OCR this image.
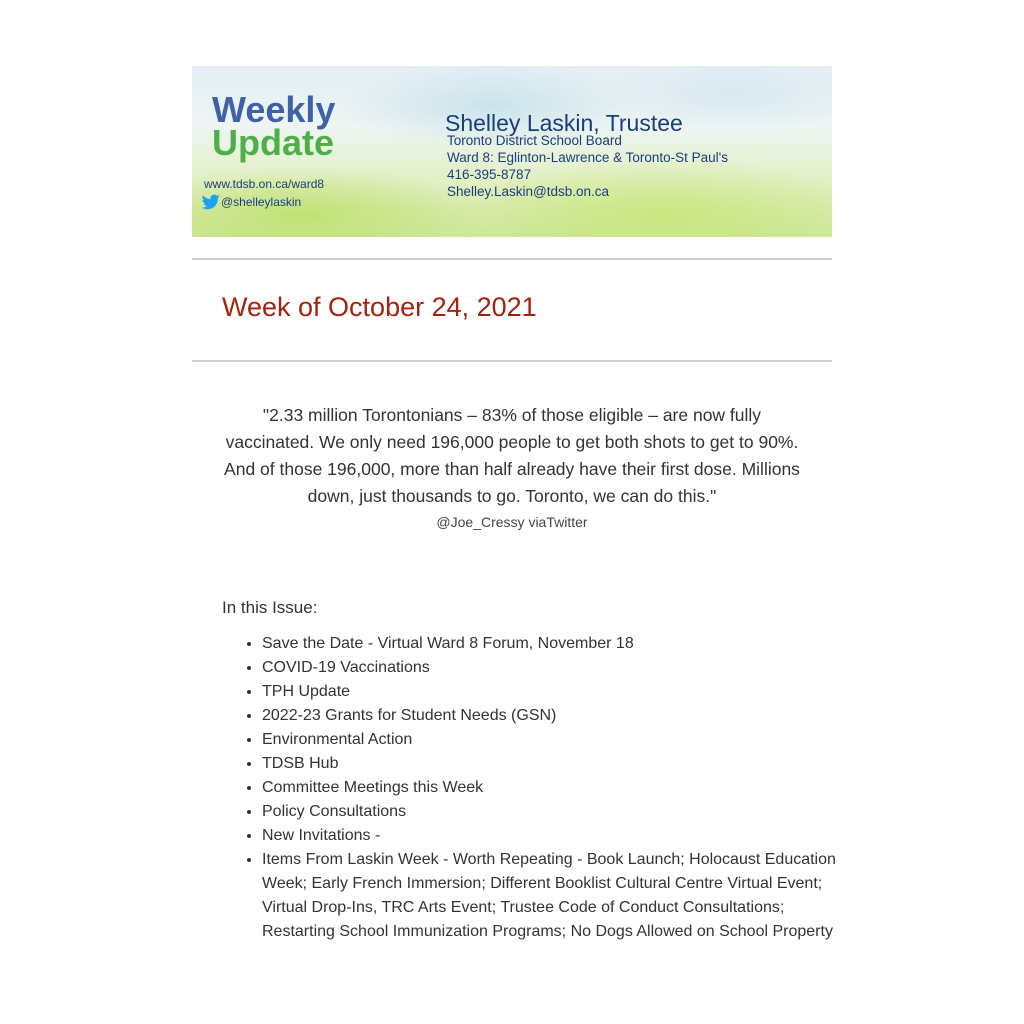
Weekly
Update
www.tdsb.on.ca/ward8
@shelleylaskin
Shelley Laskin, Trustee
Toronto District School Board
Ward 8: Eglinton-Lawrence & Toronto-St Paul's
416-395-8787
Shelley.Laskin@tdsb.on.ca
Week of October 24, 2021
"2.33 million Torontonians – 83% of those eligible – are now fully vaccinated. We only need 196,000 people to get both shots to get to 90%. And of those 196,000, more than half already have their first dose. Millions down, just thousands to go. Toronto, we can do this."
@Joe_Cressy viaTwitter
In this Issue:
• Save the Date - Virtual Ward 8 Forum, November 18
• COVID-19 Vaccinations
• TPH Update
• 2022-23 Grants for Student Needs (GSN)
• Environmental Action
• TDSB Hub
• Committee Meetings this Week
• Policy Consultations
• New Invitations -
• Items From Laskin Week - Worth Repeating - Book Launch; Holocaust Education Week; Early French Immersion; Different Booklist Cultural Centre Virtual Event; Virtual Drop-Ins, TRC Arts Event; Trustee Code of Conduct Consultations; Restarting School Immunization Programs; No Dogs Allowed on School Property
